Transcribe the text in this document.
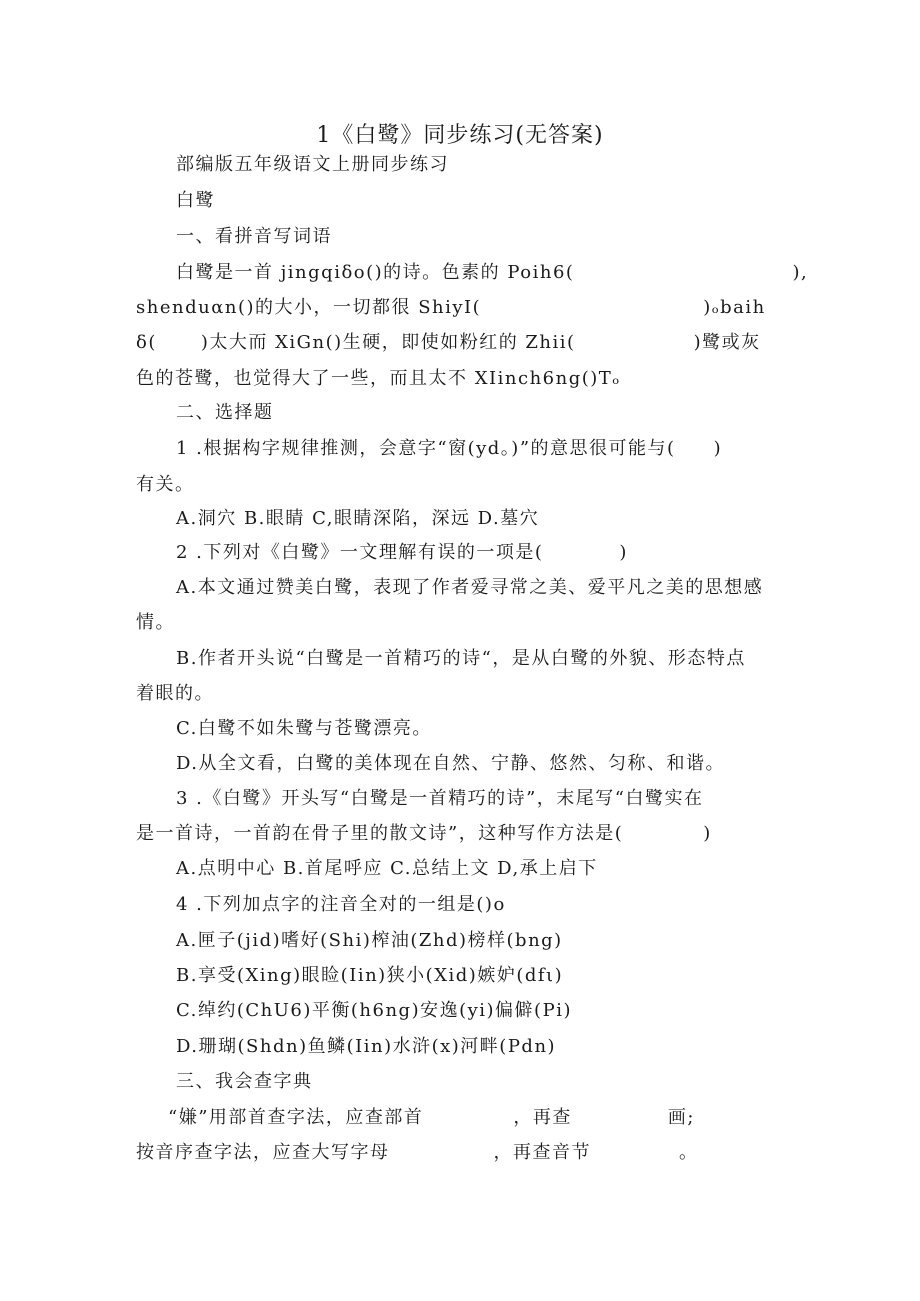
1《白鹭》同步练习(无答案)
部编版五年级语文上册同步练习
白鹭
一、看拼音写词语
白鹭是一首 jingqiδo()的诗。色素的 Poih6(	),
shenduαn()的大小，一切都很 ShiyI(	)ₒbaih
δ( )太大而 XiGn()生硬，即使如粉红的 Zhii(	)鹭或灰
色的苍鹭，也觉得大了一些，而且太不 XIinch6ng()Tₒ
二、选择题
1 .根据构字规律推测，会意字“窗(yd。)”的意思很可能与( )
有关。
A.洞穴 B.眼睛 C,眼睛深陷，深远 D.墓穴
2 .下列对《白鹭》一文理解有误的一项是(	)
A.本文通过赞美白鹭，表现了作者爱寻常之美、爱平凡之美的思想感
情。
B.作者开头说“白鹭是一首精巧的诗“，是从白鹭的外貌、形态特点
着眼的。
C.白鹭不如朱鹭与苍鹭漂亮。
D.从全文看，白鹭的美体现在自然、宁静、悠然、匀称、和谐。
3 .《白鹭》开头写“白鹭是一首精巧的诗”，末尾写“白鹭实在
是一首诗，一首韵在骨子里的散文诗”，这种写作方法是(	)
A.点明中心 B.首尾呼应 C.总结上文 D,承上启下
4 .下列加点字的注音全对的一组是()o
A.匣子(jid)嗜好(Shi)榨油(Zhd)榜样(bng)
B.享受(Xing)眼睑(Iin)狭小(Xid)嫉妒(dfι)
C.绰约(ChU6)平衡(h6ng)安逸(yi)偏僻(Pi)
D.珊瑚(Shdn)鱼鳞(Iin)水浒(x)河畔(Pdn)
三、我会查字典
“嫌”用部首查字法，应查部首	，再查	画;
按音序查字法，应查大写字母	，再查音节	。
